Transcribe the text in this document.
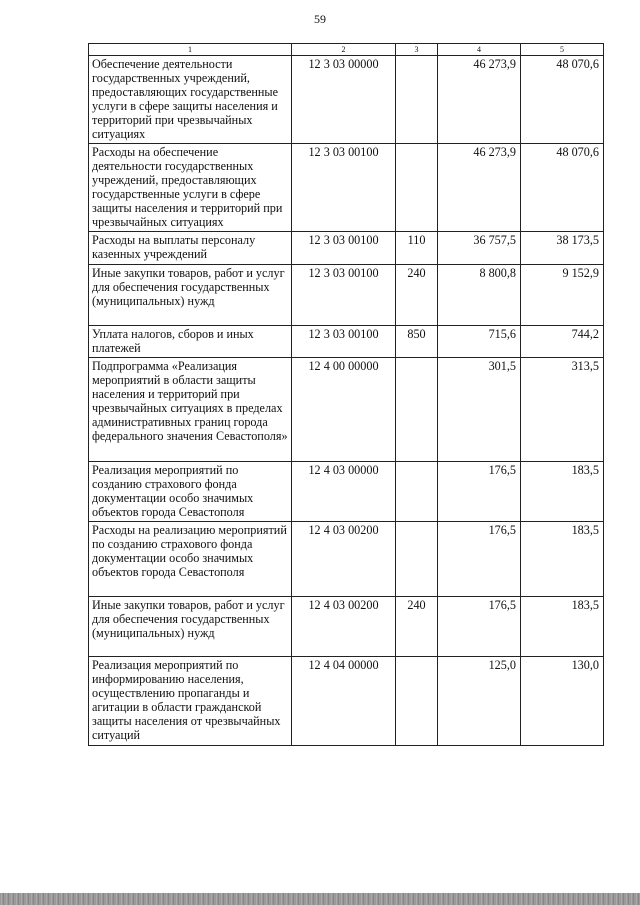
59
1	2	3	4	5
Обеспечение деятельности государственных учреждений, предоставляющих государственные услуги в сфере защиты населения и территорий при чрезвычайных ситуациях	12 3 03 00000		46 273,9	48 070,6
Расходы на обеспечение деятельности государственных учреждений, предоставляющих государственные услуги в сфере защиты населения и территорий при чрезвычайных ситуациях	12 3 03 00100		46 273,9	48 070,6
Расходы на выплаты персоналу казенных учреждений	12 3 03 00100	110	36 757,5	38 173,5
Иные закупки товаров, работ и услуг для обеспечения государственных (муниципальных) нужд	12 3 03 00100	240	8 800,8	9 152,9
Уплата налогов, сборов и иных платежей	12 3 03 00100	850	715,6	744,2
Подпрограмма «Реализация мероприятий в области защиты населения и территорий при чрезвычайных ситуациях в пределах административных границ города федерального значения Севастополя»	12 4 00 00000		301,5	313,5
Реализация мероприятий по созданию страхового фонда документации особо значимых объектов города Севастополя	12 4 03 00000		176,5	183,5
Расходы на реализацию мероприятий по созданию страхового фонда документации особо значимых объектов города Севастополя	12 4 03 00200		176,5	183,5
Иные закупки товаров, работ и услуг для обеспечения государственных (муниципальных) нужд	12 4 03 00200	240	176,5	183,5
Реализация мероприятий по информированию населения, осуществлению пропаганды и агитации в области гражданской защиты населения от чрезвычайных ситуаций	12 4 04 00000		125,0	130,0
